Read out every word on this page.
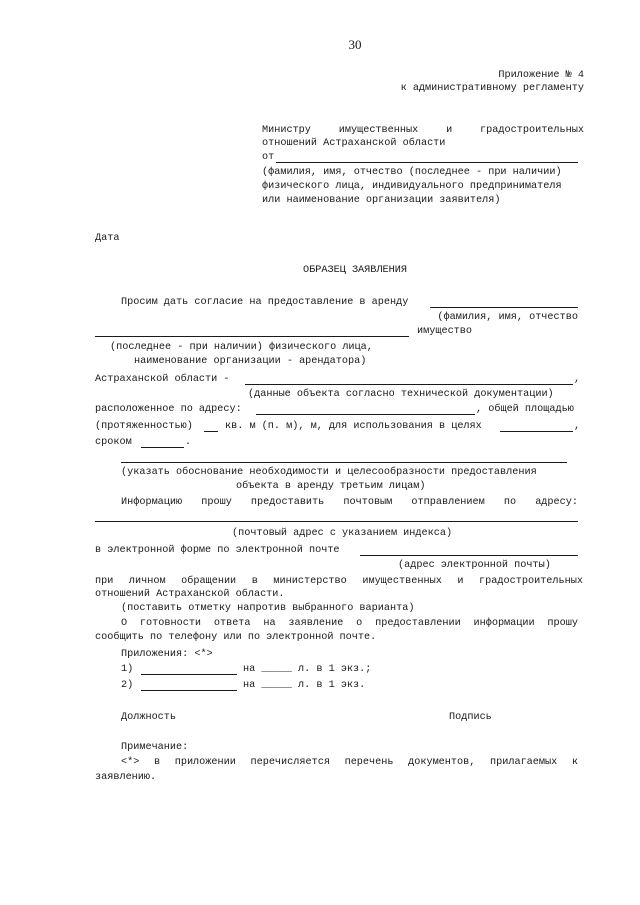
30
Приложение № 4
к административному регламенту
Министру имущественных и градостроительных
отношений Астраханской области
от
(фамилия, имя, отчество (последнее - при наличии)
физического лица, индивидуального предпринимателя
или наименование организации заявителя)
Дата
ОБРАЗЕЦ ЗАЯВЛЕНИЯ
Просим дать согласие на предоставление в аренду
(фамилия, имя, отчество
имущество
(последнее - при наличии) физического лица,
наименование организации - арендатора)
Астраханской области -	,
(данные объекта согласно технической документации)
расположенное по адресу:	, общей площадью
(протяженностью)	кв. м (п. м), м, для использования в целях	,
сроком	.
(указать обоснование необходимости и целесообразности предоставления
объекта в аренду третьим лицам)
Информацию прошу предоставить почтовым отправлением по адресу:
(почтовый адрес с указанием индекса)
в электронной форме по электронной почте
(адрес электронной почты)
при личном обращении в министерство имущественных и градостроительных
отношений Астраханской области.
(поставить отметку напротив выбранного варианта)
О готовности ответа на заявление о предоставлении информации прошу
сообщить по телефону или по электронной почте.
Приложения: <*>
1)	на _____ л. в 1 экз.;
2)	на _____ л. в 1 экз.
Должность	Подпись
Примечание:
<*> в приложении перечисляется перечень документов, прилагаемых к
заявлению.
